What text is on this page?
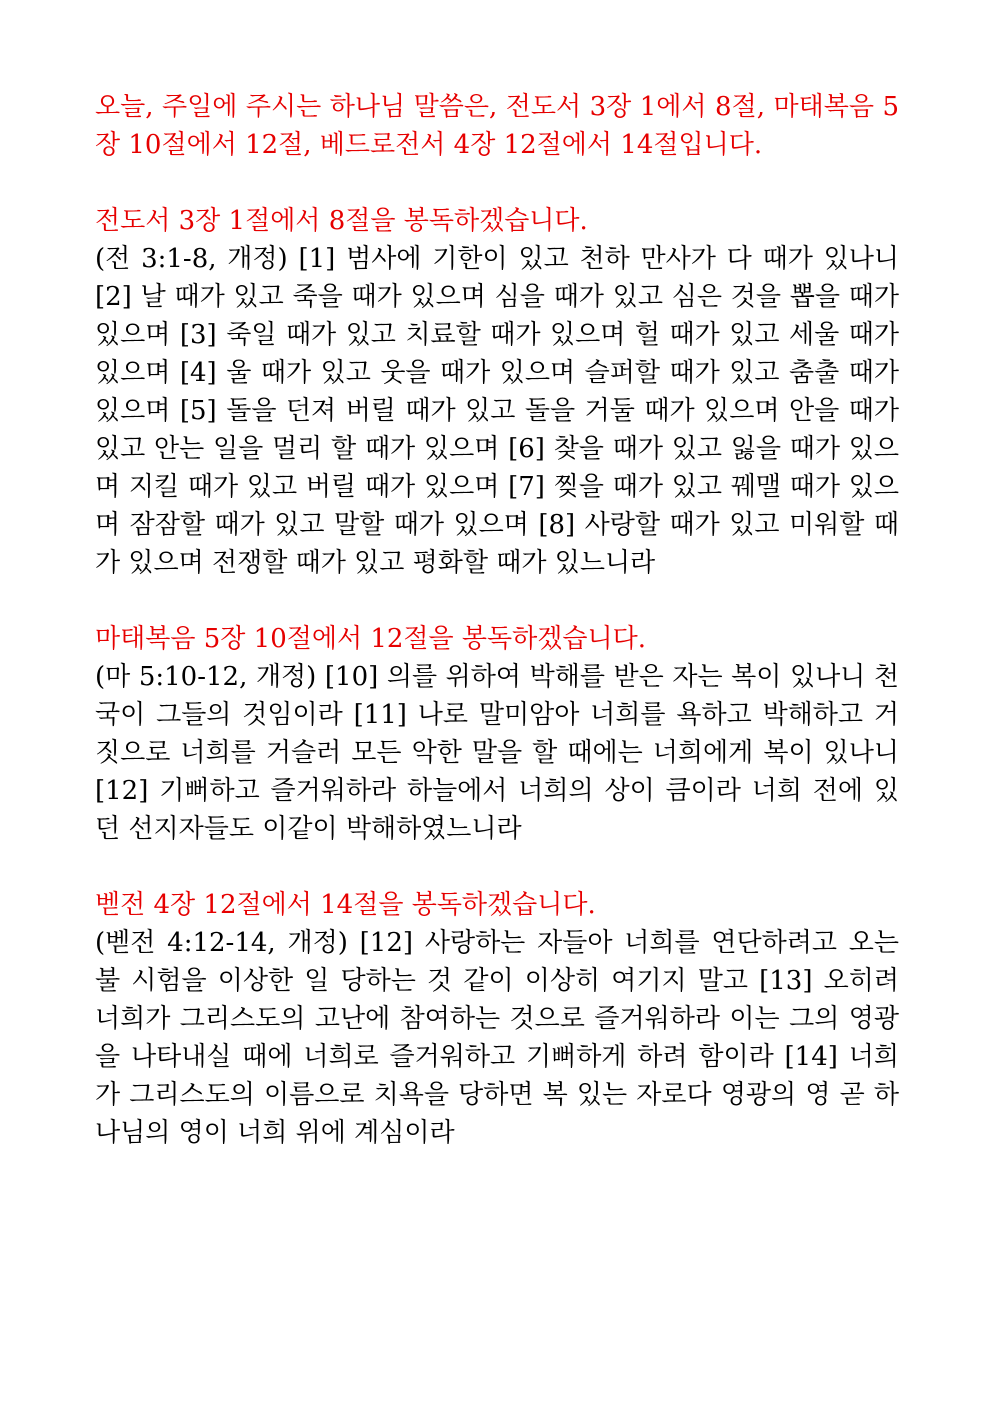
오늘, 주일에 주시는 하나님 말씀은, 전도서 3장 1에서 8절, 마태복음 5장 10절에서 12절, 베드로전서 4장 12절에서 14절입니다.

전도서 3장 1절에서 8절을 봉독하겠습니다.

(전 3:1-8, 개정) [1] 범사에 기한이 있고 천하 만사가 다 때가 있나니 [2] 날 때가 있고 죽을 때가 있으며 심을 때가 있고 심은 것을 뽑을 때가 있으며 [3] 죽일 때가 있고 치료할 때가 있으며 헐 때가 있고 세울 때가 있으며 [4] 울 때가 있고 웃을 때가 있으며 슬퍼할 때가 있고 춤출 때가 있으며 [5] 돌을 던져 버릴 때가 있고 돌을 거둘 때가 있으며 안을 때가 있고 안는 일을 멀리 할 때가 있으며 [6] 찾을 때가 있고 잃을 때가 있으며 지킬 때가 있고 버릴 때가 있으며 [7] 찢을 때가 있고 꿰맬 때가 있으며 잠잠할 때가 있고 말할 때가 있으며 [8] 사랑할 때가 있고 미워할 때가 있으며 전쟁할 때가 있고 평화할 때가 있느니라

마태복음 5장 10절에서 12절을 봉독하겠습니다.

(마 5:10-12, 개정) [10] 의를 위하여 박해를 받은 자는 복이 있나니 천국이 그들의 것임이라 [11] 나로 말미암아 너희를 욕하고 박해하고 거짓으로 너희를 거슬러 모든 악한 말을 할 때에는 너희에게 복이 있나니 [12] 기뻐하고 즐거워하라 하늘에서 너희의 상이 큼이라 너희 전에 있던 선지자들도 이같이 박해하였느니라

벧전 4장 12절에서 14절을 봉독하겠습니다.

(벧전 4:12-14, 개정) [12] 사랑하는 자들아 너희를 연단하려고 오는 불 시험을 이상한 일 당하는 것 같이 이상히 여기지 말고 [13] 오히려 너희가 그리스도의 고난에 참여하는 것으로 즐거워하라 이는 그의 영광을 나타내실 때에 너희로 즐거워하고 기뻐하게 하려 함이라 [14] 너희가 그리스도의 이름으로 치욕을 당하면 복 있는 자로다 영광의 영 곧 하나님의 영이 너희 위에 계심이라
